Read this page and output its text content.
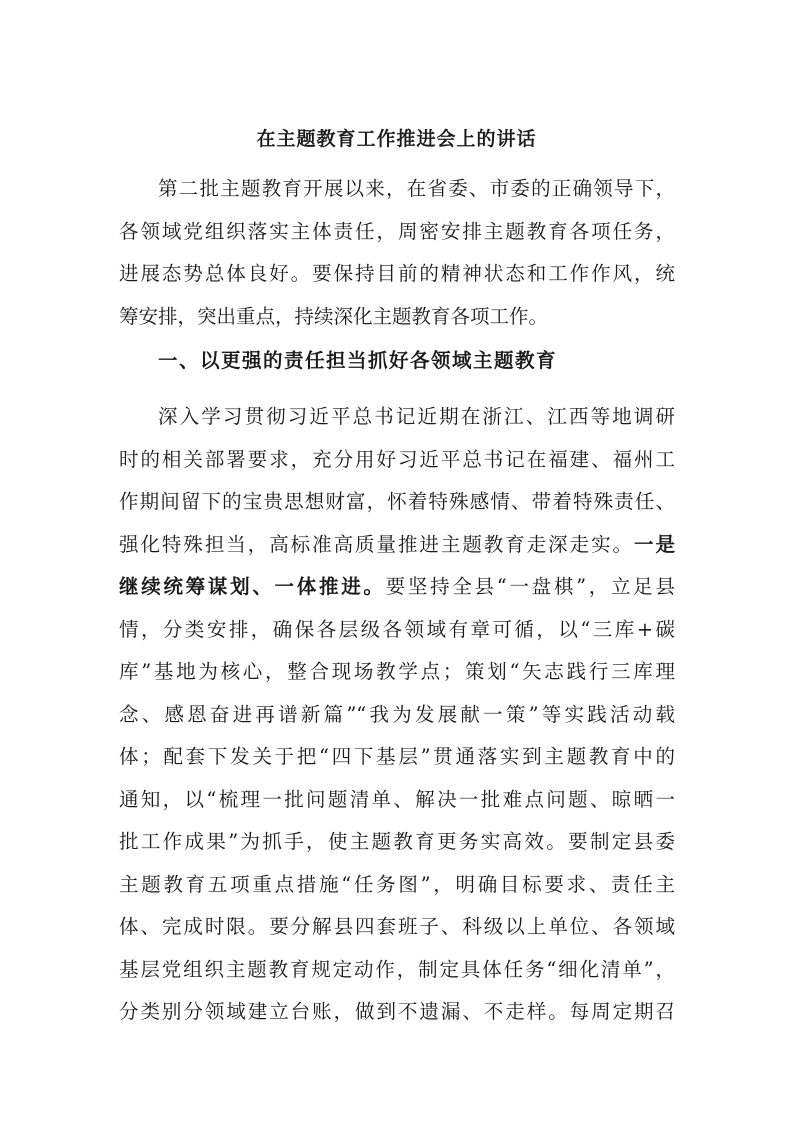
在主题教育工作推进会上的讲话
第二批主题教育开展以来，在省委、市委的正确领导下，
各领域党组织落实主体责任，周密安排主题教育各项任务，
进展态势总体良好。要保持目前的精神状态和工作作风，统
筹安排，突出重点，持续深化主题教育各项工作。
一、以更强的责任担当抓好各领域主题教育
深入学习贯彻习近平总书记近期在浙江、江西等地调研
时的相关部署要求，充分用好习近平总书记在福建、福州工
作期间留下的宝贵思想财富，怀着特殊感情、带着特殊责任、
强化特殊担当，高标准高质量推进主题教育走深走实。一是
继续统筹谋划、一体推进。要坚持全县“一盘棋”，立足县
情，分类安排，确保各层级各领域有章可循，以“三库+碳
库”基地为核心，整合现场教学点；策划“矢志践行三库理
念、感恩奋进再谱新篇”“我为发展献一策”等实践活动载
体；配套下发关于把“四下基层”贯通落实到主题教育中的
通知，以“梳理一批问题清单、解决一批难点问题、晾晒一
批工作成果”为抓手，使主题教育更务实高效。要制定县委
主题教育五项重点措施“任务图”，明确目标要求、责任主
体、完成时限。要分解县四套班子、科级以上单位、各领域
基层党组织主题教育规定动作，制定具体任务“细化清单”，
分类别分领域建立台账，做到不遗漏、不走样。每周定期召
